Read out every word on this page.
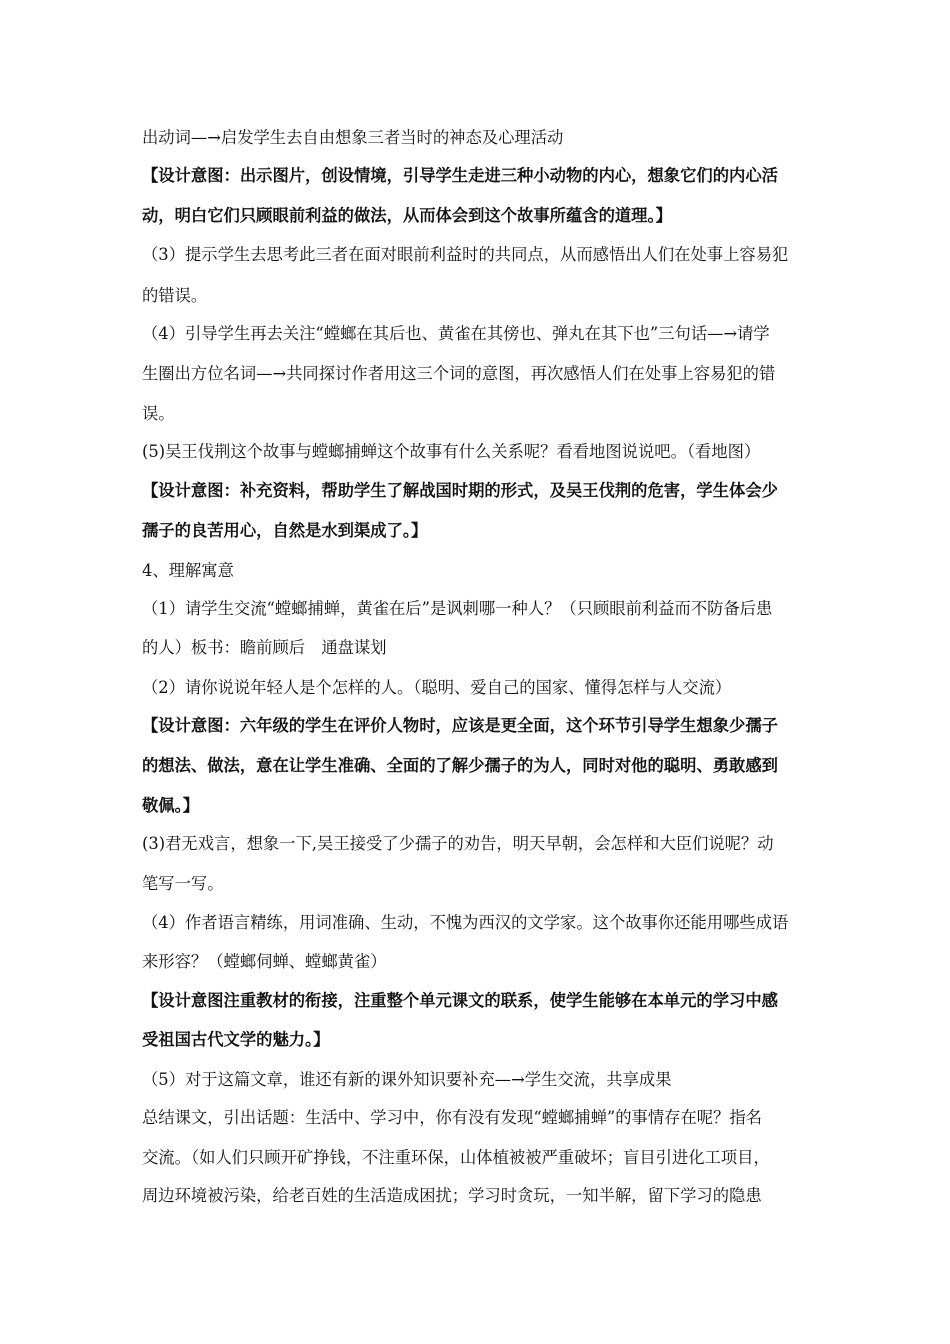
出动词—→启发学生去自由想象三者当时的神态及心理活动
【设计意图：出示图片，创设情境，引导学生走进三种小动物的内心，想象它们的内心活
动，明白它们只顾眼前利益的做法，从而体会到这个故事所蕴含的道理。】
（3）提示学生去思考此三者在面对眼前利益时的共同点，从而感悟出人们在处事上容易犯
的错误。
（4）引导学生再去关注“螳螂在其后也、黄雀在其傍也、弹丸在其下也”三句话—→请学
生圈出方位名词—→共同探讨作者用这三个词的意图，再次感悟人们在处事上容易犯的错
误。
(5)吴王伐荆这个故事与螳螂捕蝉这个故事有什么关系呢？看看地图说说吧。（看地图）
【设计意图：补充资料，帮助学生了解战国时期的形式，及吴王伐荆的危害，学生体会少
孺子的良苦用心，自然是水到渠成了。】
4、理解寓意
（1）请学生交流“螳螂捕蝉，黄雀在后”是讽刺哪一种人？（只顾眼前利益而不防备后患
的人）板书：瞻前顾后　通盘谋划
（2）请你说说年轻人是个怎样的人。（聪明、爱自己的国家、懂得怎样与人交流）
【设计意图：六年级的学生在评价人物时，应该是更全面，这个环节引导学生想象少孺子
的想法、做法，意在让学生准确、全面的了解少孺子的为人，同时对他的聪明、勇敢感到
敬佩。】
(3)君无戏言，想象一下,吴王接受了少孺子的劝告，明天早朝，会怎样和大臣们说呢？动
笔写一写。
（4）作者语言精练，用词准确、生动，不愧为西汉的文学家。这个故事你还能用哪些成语
来形容？（螳螂伺蝉、螳螂黄雀）
【设计意图注重教材的衔接，注重整个单元课文的联系，使学生能够在本单元的学习中感
受祖国古代文学的魅力。】
（5）对于这篇文章，谁还有新的课外知识要补充—→学生交流，共享成果
总结课文，引出话题：生活中、学习中，你有没有发现“螳螂捕蝉”的事情存在呢？指名
交流。（如人们只顾开矿挣钱，不注重环保，山体植被被严重破坏；盲目引进化工项目，
周边环境被污染，给老百姓的生活造成困扰；学习时贪玩，一知半解，留下学习的隐患
